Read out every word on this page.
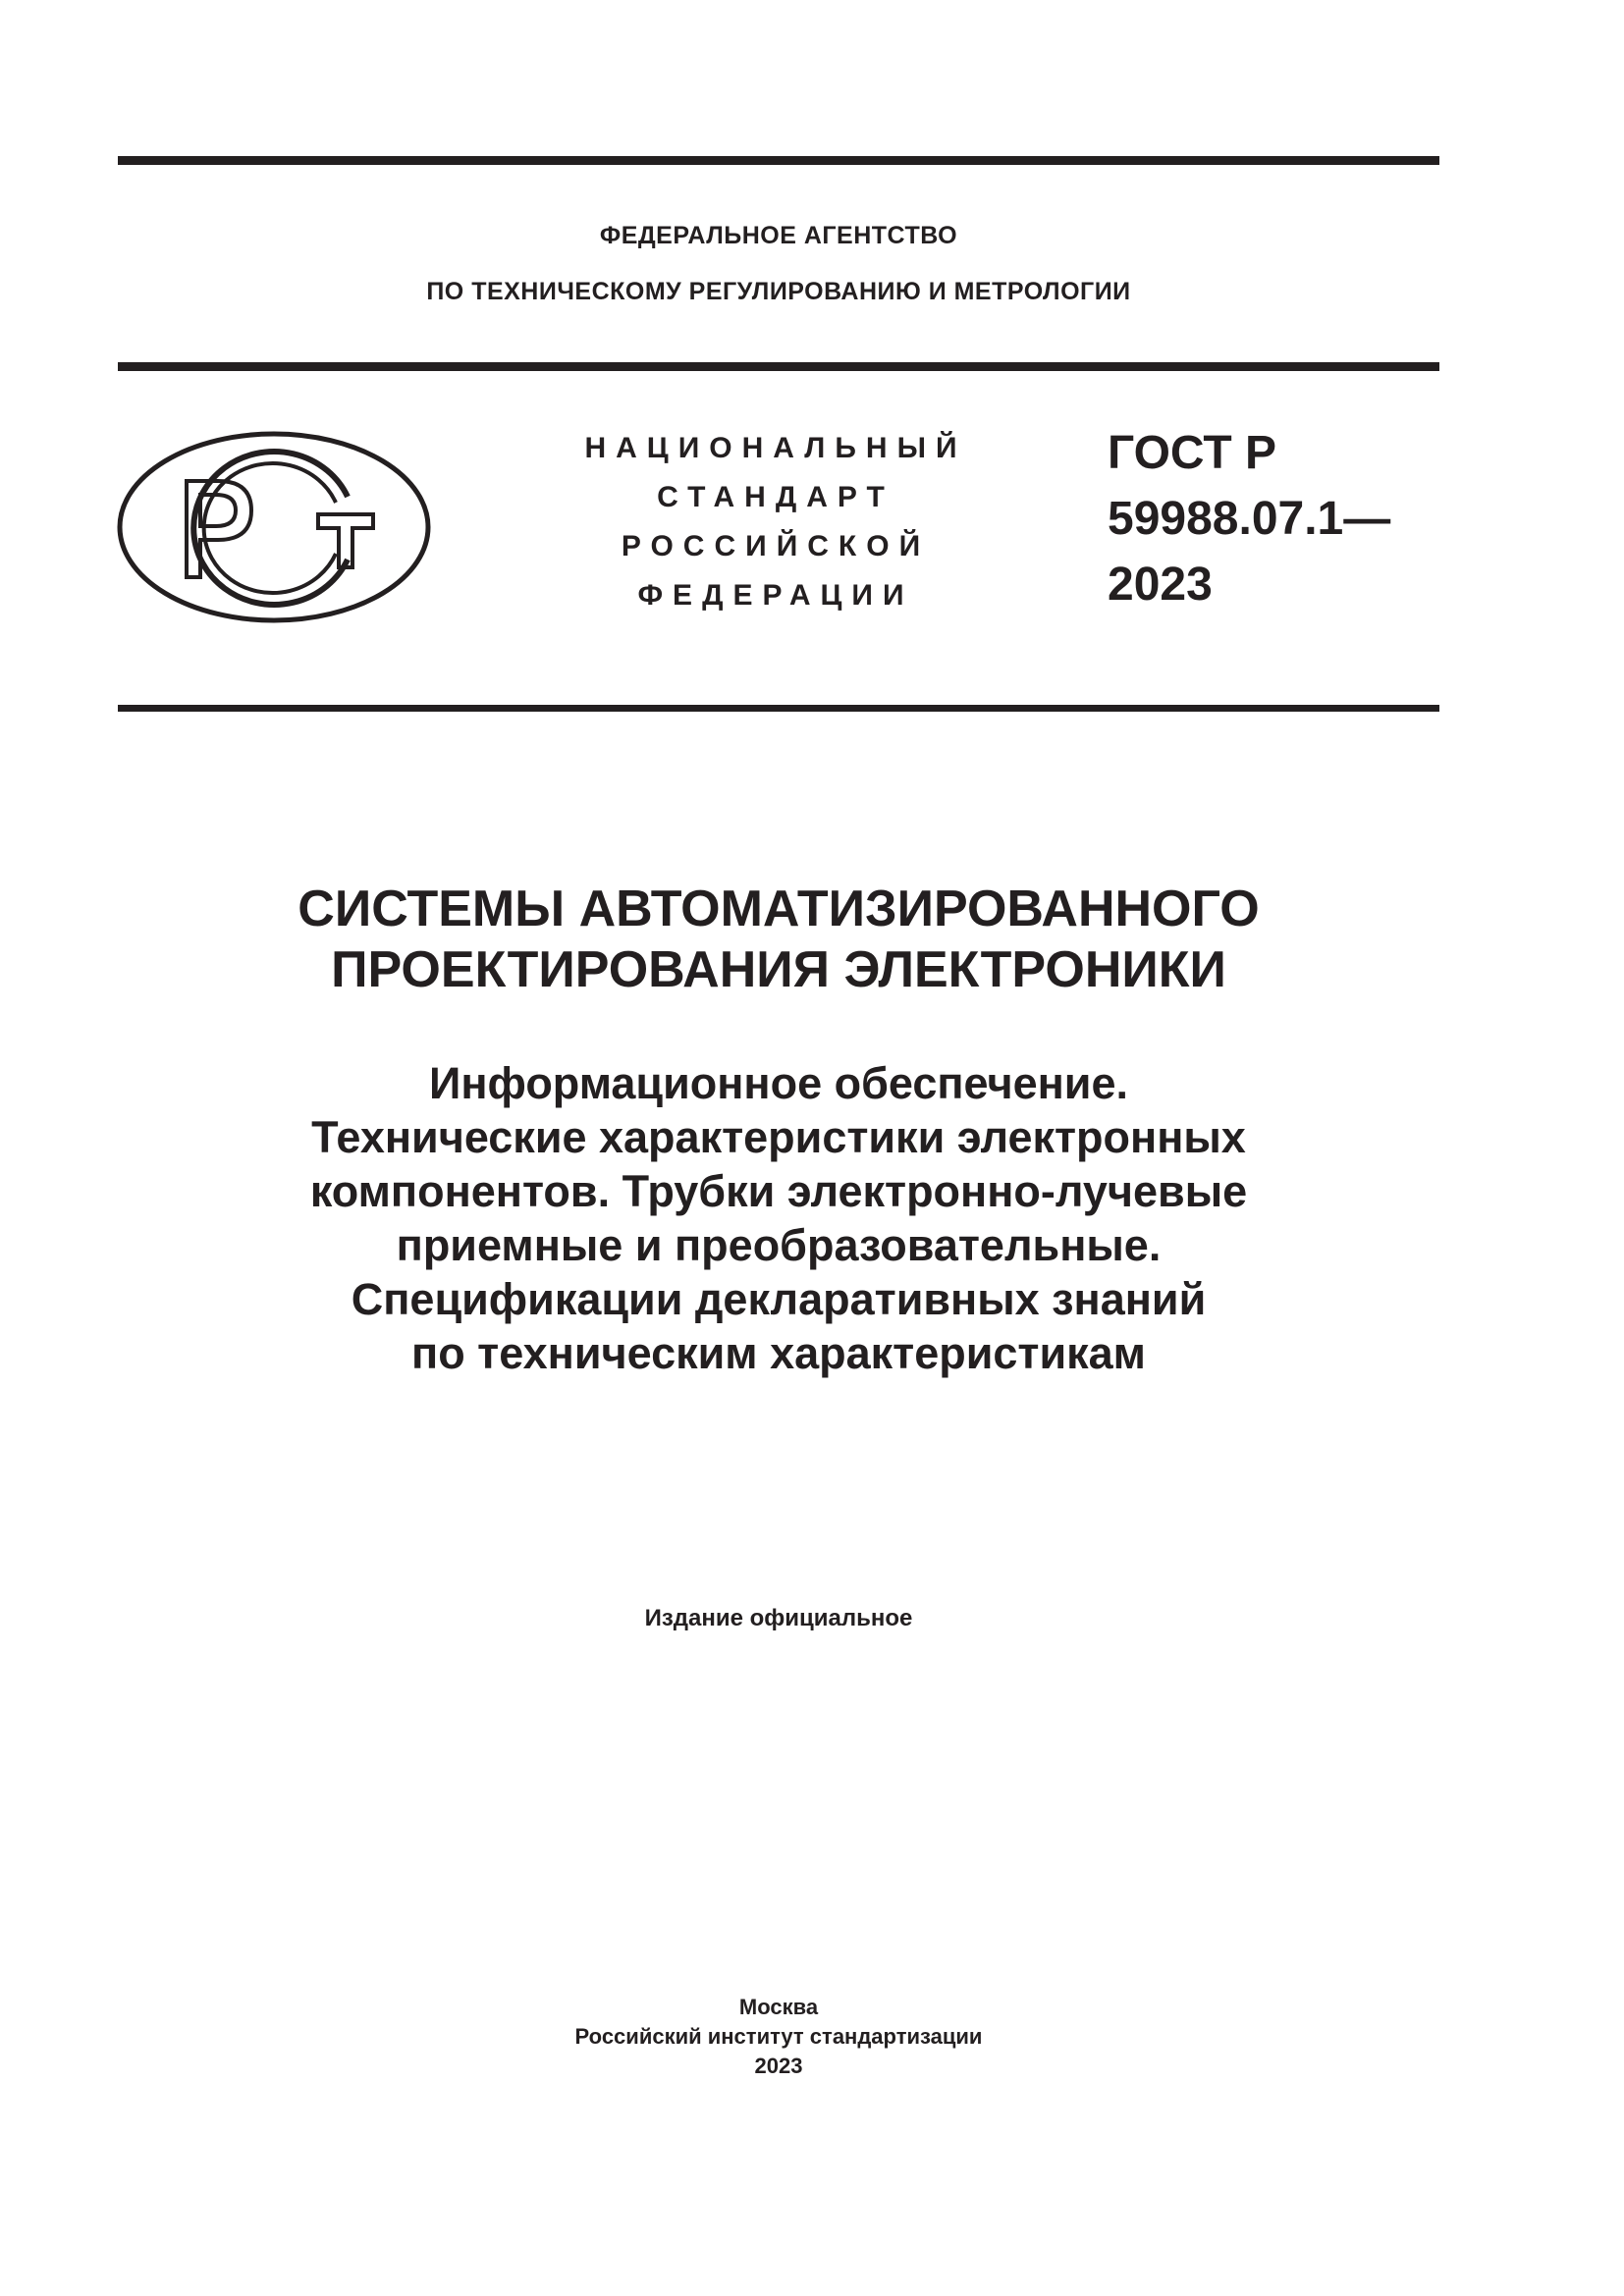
ФЕДЕРАЛЬНОЕ АГЕНТСТВО
ПО ТЕХНИЧЕСКОМУ РЕГУЛИРОВАНИЮ И МЕТРОЛОГИИ
НАЦИОНАЛЬНЫЙ
СТАНДАРТ
РОССИЙСКОЙ
ФЕДЕРАЦИИ
ГОСТ Р
59988.07.1—
2023
СИСТЕМЫ АВТОМАТИЗИРОВАННОГО
ПРОЕКТИРОВАНИЯ ЭЛЕКТРОНИКИ
Информационное обеспечение.
Технические характеристики электронных
компонентов. Трубки электронно-лучевые
приемные и преобразовательные.
Спецификации декларативных знаний
по техническим характеристикам
Издание официальное
Москва
Российский институт стандартизации
2023
